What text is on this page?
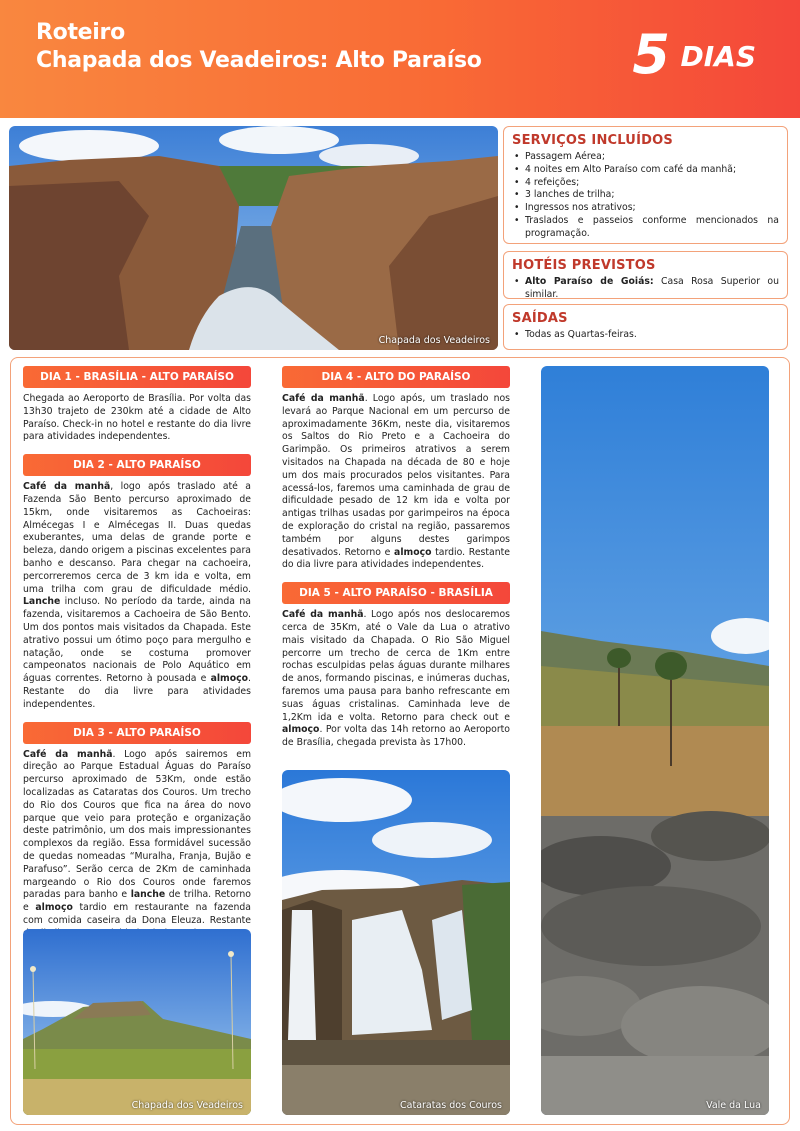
Roteiro
Chapada dos Veadeiros: Alto Paraíso	5 DIAS
Chapada dos Veadeiros
SERVIÇOS INCLUÍDOS
• Passagem Aérea;
• 4 noites em Alto Paraíso com café da manhã;
• 4 refeições;
• 3 lanches de trilha;
• Ingressos nos atrativos;
• Traslados e passeios conforme mencionados na programação.
HOTÉIS PREVISTOS
• Alto Paraíso de Goiás: Casa Rosa Superior ou similar.
SAÍDAS
• Todas as Quartas-feiras.
DIA 1 - BRASÍLIA - ALTO PARAÍSO

Chegada ao Aeroporto de Brasília. Por volta das 13h30 trajeto de 230km até a cidade de Alto Paraíso. Check-in no hotel e restante do dia livre para atividades independentes.

DIA 2 - ALTO PARAÍSO

Café da manhã, logo após traslado até a Fazenda São Bento percurso aproximado de 15km, onde visitaremos as Cachoeiras: Almécegas I e Almécegas II. Duas quedas exuberantes, uma delas de grande porte e beleza, dando origem a piscinas excelentes para banho e descanso. Para chegar na cachoeira, percorreremos cerca de 3 km ida e volta, em uma trilha com grau de dificuldade médio. Lanche incluso. No período da tarde, ainda na fazenda, visitaremos a Cachoeira de São Bento. Um dos pontos mais visitados da Chapada. Este atrativo possui um ótimo poço para mergulho e natação, onde se costuma promover campeonatos nacionais de Polo Aquático em águas correntes. Retorno à pousada e almoço. Restante do dia livre para atividades independentes.

DIA 3 - ALTO PARAÍSO

Café da manhã. Logo após sairemos em direção ao Parque Estadual Águas do Paraíso percurso aproximado de 53Km, onde estão localizadas as Cataratas dos Couros. Um trecho do Rio dos Couros que fica na área do novo parque que veio para proteção e organização deste patrimônio, um dos mais impressionantes complexos da região. Essa formidável sucessão de quedas nomeadas “Muralha, Franja, Bujão e Parafuso”. Serão cerca de 2Km de caminhada margeando o Rio dos Couros onde faremos paradas para banho e lanche de trilha. Retorno e almoço tardio em restaurante na fazenda com comida caseira da Dona Eleuza. Restante

Chapada dos Veadeiros
DIA 4 - ALTO DO PARAÍSO

Café da manhã. Logo após, um traslado nos levará ao Parque Nacional em um percurso de aproximadamente 36Km, neste dia, visitaremos os Saltos do Rio Preto e a Cachoeira do Garimpão. Os primeiros atrativos a serem visitados na Chapada na década de 80 e hoje um dos mais procurados pelos visitantes. Para acessá-los, faremos uma caminhada de grau de dificuldade pesado de 12 km ida e volta por antigas trilhas usadas por garimpeiros na época de exploração do cristal na região, passaremos também por alguns destes garimpos desativados. Retorno e almoço tardio. Restante do dia livre para atividades independentes.

DIA 5 - ALTO PARAÍSO - BRASÍLIA

Café da manhã. Logo após nos deslocaremos cerca de 35Km, até o Vale da Lua o atrativo mais visitado da Chapada. O Rio São Miguel percorre um trecho de cerca de 1Km entre rochas esculpidas pelas águas durante milhares de anos, formando piscinas, e inúmeras duchas, faremos uma pausa para banho refrescante em suas águas cristalinas. Caminhada leve de 1,2Km ida e volta. Retorno para check out e almoço. Por volta das 14h retorno ao Aeroporto de Brasília, chegada prevista às 17h00.

Cataratas dos Couros	Vale da Lua
